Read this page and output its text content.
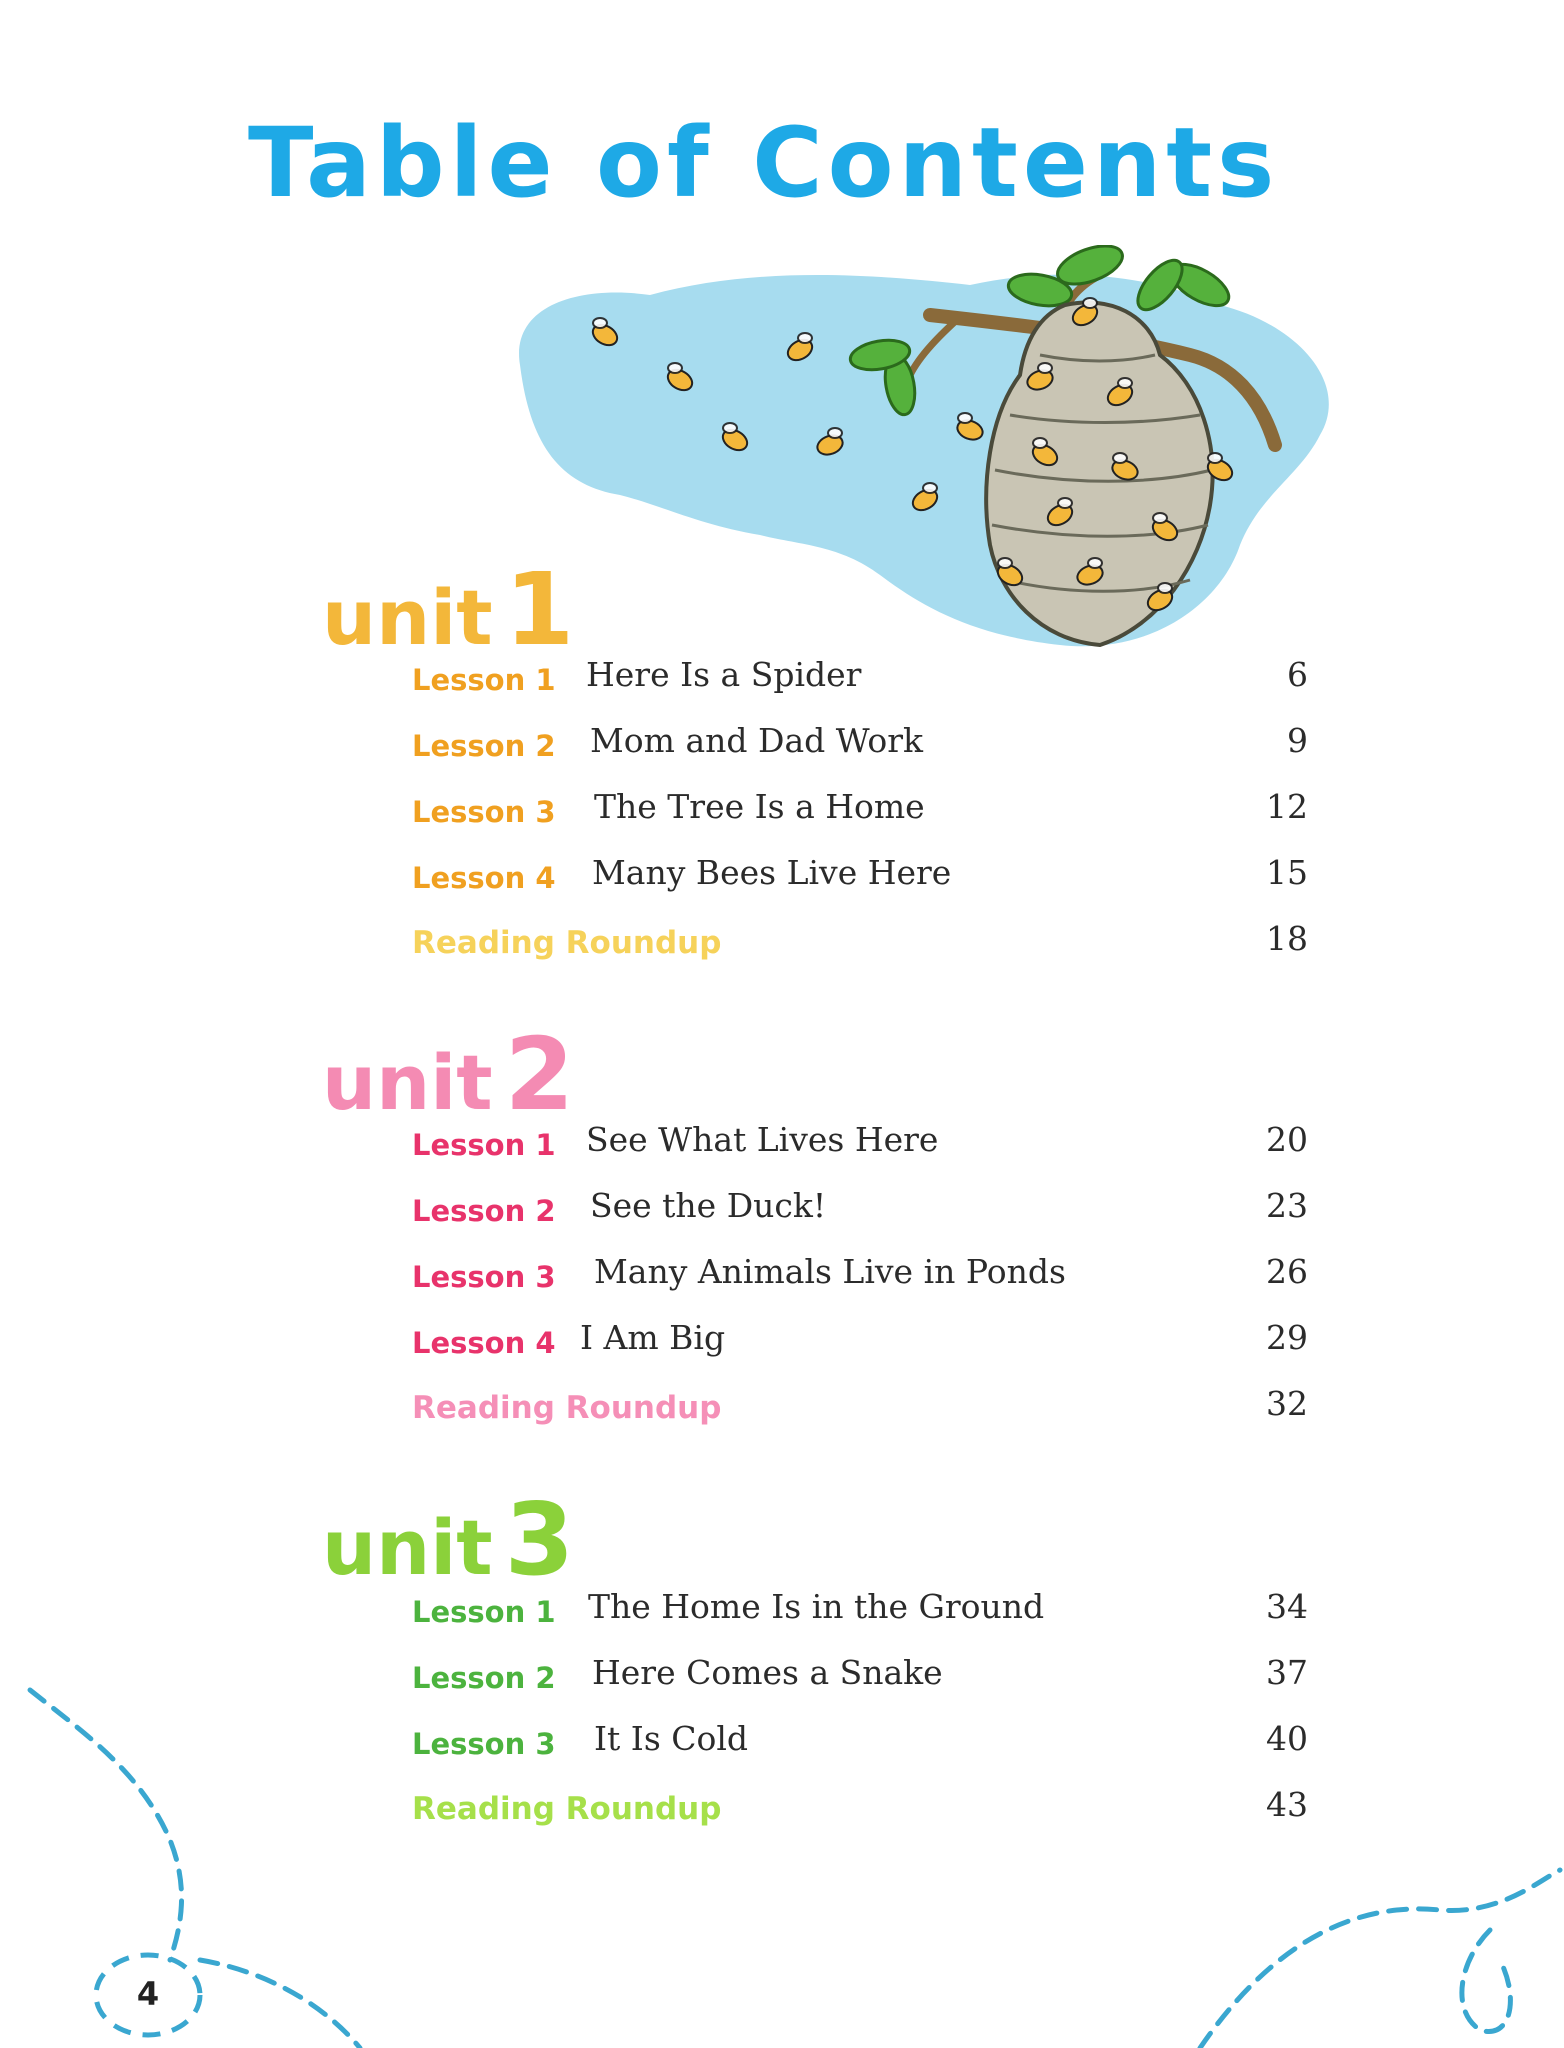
Table of Contents
unit 1
Lesson 1 Here Is a Spider	6
Lesson 2 Mom and Dad Work	9
Lesson 3 The Tree Is a Home	12
Lesson 4 Many Bees Live Here	15
Reading Roundup	18
unit 2
Lesson 1 See What Lives Here	20
Lesson 2 See the Duck!	23
Lesson 3 Many Animals Live in Ponds	26
Lesson 4 I Am Big	29
Reading Roundup	32
unit 3
Lesson 1 The Home Is in the Ground	34
Lesson 2 Here Comes a Snake	37
Lesson 3 It Is Cold	40
Reading Roundup	43
4
